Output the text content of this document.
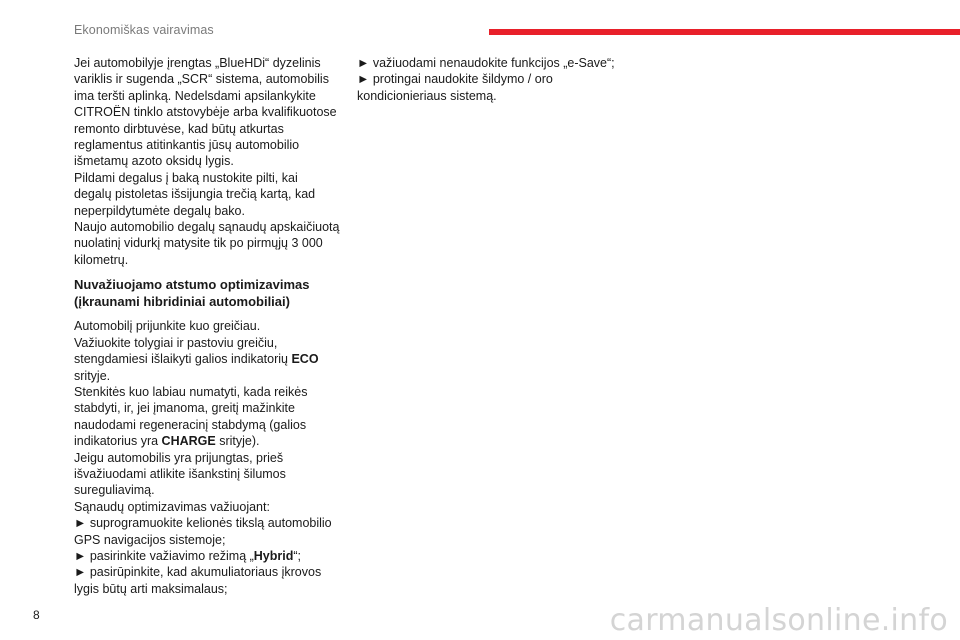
Ekonomiškas vairavimas
Jei automobilyje įrengtas „BlueHDi“ dyzelinis
variklis ir sugenda „SCR“ sistema, automobilis
ima teršti aplinką. Nedelsdami apsilankykite
CITROËN tinklo atstovybėje arba kvalifikuotose
remonto dirbtuvėse, kad būtų atkurtas
reglamentus atitinkantis jūsų automobilio
išmetamų azoto oksidų lygis.
Pildami degalus į baką nustokite pilti, kai
degalų pistoletas išsijungia trečią kartą, kad
neperpildytumėte degalų bako.
Naujo automobilio degalų sąnaudų apskaičiuotą
nuolatinį vidurkį matysite tik po pirmųjų 3 000
kilometrų.
Nuvažiuojamo atstumo optimizavimas
(įkraunami hibridiniai automobiliai)
Automobilį prijunkite kuo greičiau.
Važiuokite tolygiai ir pastoviu greičiu,
stengdamiesi išlaikyti galios indikatorių ECO
srityje.
Stenkitės kuo labiau numatyti, kada reikės
stabdyti, ir, jei įmanoma, greitį mažinkite
naudodami regeneracinį stabdymą (galios
indikatorius yra CHARGE srityje).
Jeigu automobilis yra prijungtas, prieš
išvažiuodami atlikite išankstinį šilumos
sureguliavimą.
Sąnaudų optimizavimas važiuojant:
► suprogramuokite kelionės tikslą automobilio
GPS navigacijos sistemoje;
► pasirinkite važiavimo režimą „Hybrid“;
► pasirūpinkite, kad akumuliatoriaus įkrovos
lygis būtų arti maksimalaus;
► važiuodami nenaudokite funkcijos „e-Save“;
► protingai naudokite šildymo / oro
kondicionieriaus sistemą.
8	carmanualsonline.info
